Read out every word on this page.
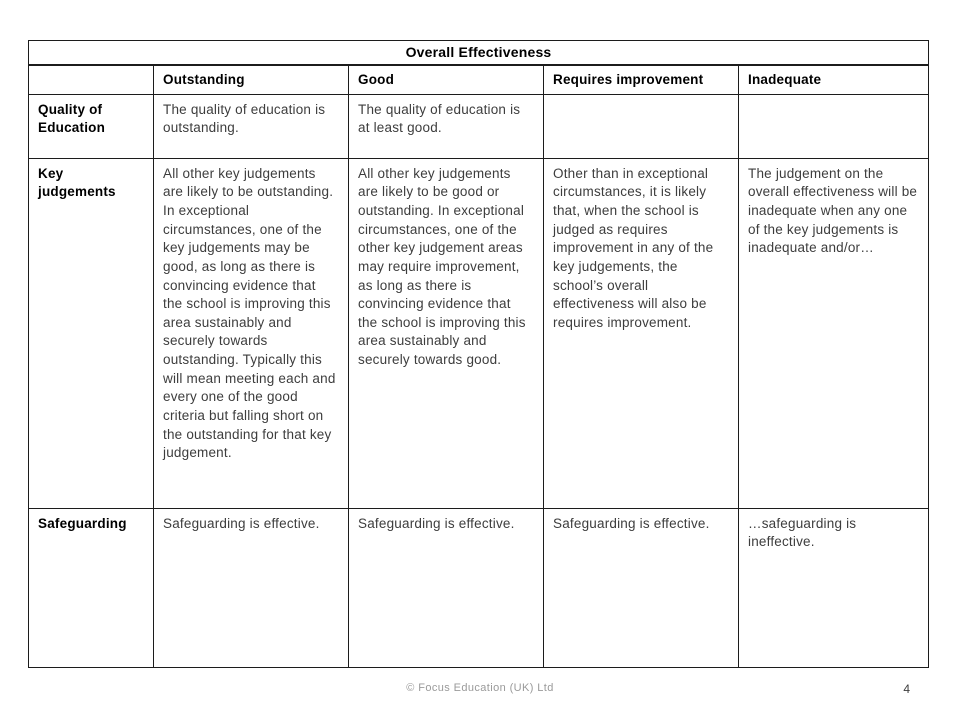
Overall Effectiveness				
	Outstanding	Good	Requires improvement	Inadequate
Quality of Education	The quality of education is outstanding.	The quality of education is at least good.		
Key judgements	All other key judgements are likely to be outstanding. In exceptional circumstances, one of the key judgements may be good, as long as there is convincing evidence that the school is improving this area sustainably and securely towards outstanding. Typically this will mean meeting each and every one of the good criteria but falling short on the outstanding for that key judgement.	All other key judgements are likely to be good or outstanding. In exceptional circumstances, one of the other key judgement areas may require improvement, as long as there is convincing evidence that the school is improving this area sustainably and securely towards good.	Other than in exceptional circumstances, it is likely that, when the school is judged as requires improvement in any of the key judgements, the school’s overall effectiveness will also be requires improvement.	The judgement on the overall effectiveness will be inadequate when any one of the key judgements is inadequate and/or…
Safeguarding	Safeguarding is effective.	Safeguarding is effective.	Safeguarding is effective.	…safeguarding is ineffective.
© Focus Education (UK) Ltd	4
